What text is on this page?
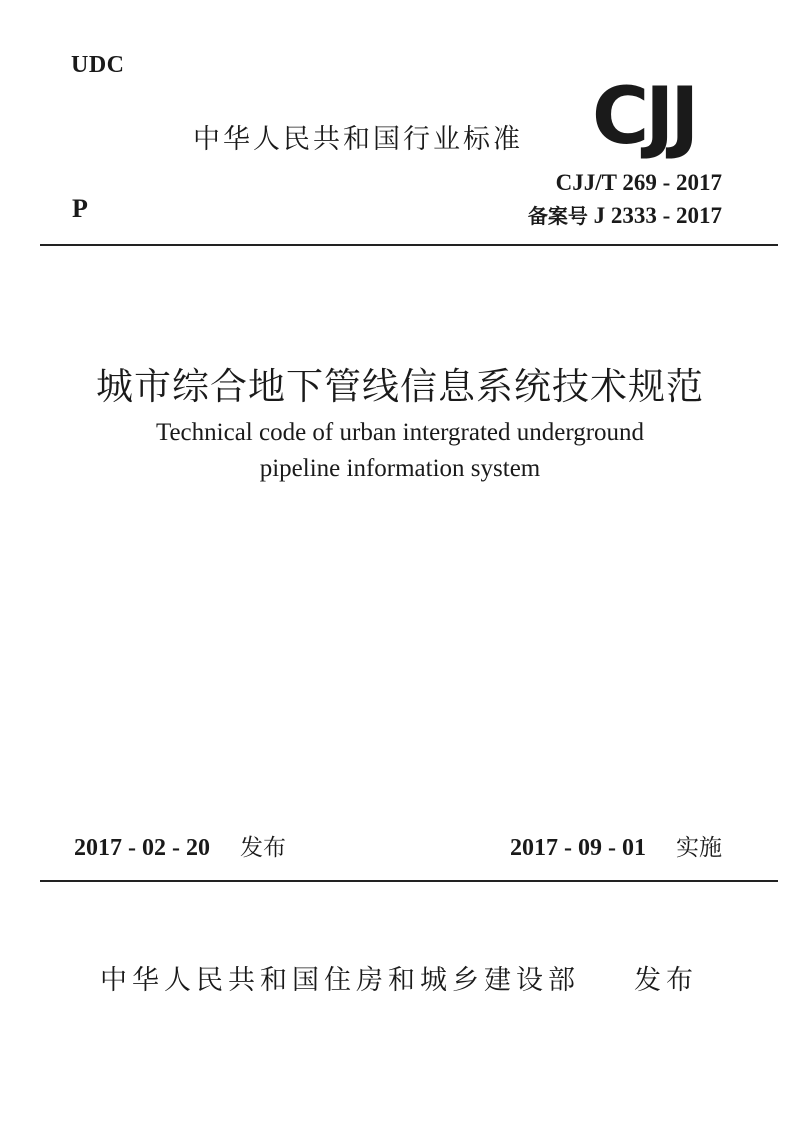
UDC
中华人民共和国行业标准 CJJ
P
CJJ/T 269 - 2017
备案号 J 2333 - 2017
城市综合地下管线信息系统技术规范
Technical code of urban intergrated underground
pipeline information system
2017 - 02 - 20 发布	2017 - 09 - 01 实施
中华人民共和国住房和城乡建设部 发布
